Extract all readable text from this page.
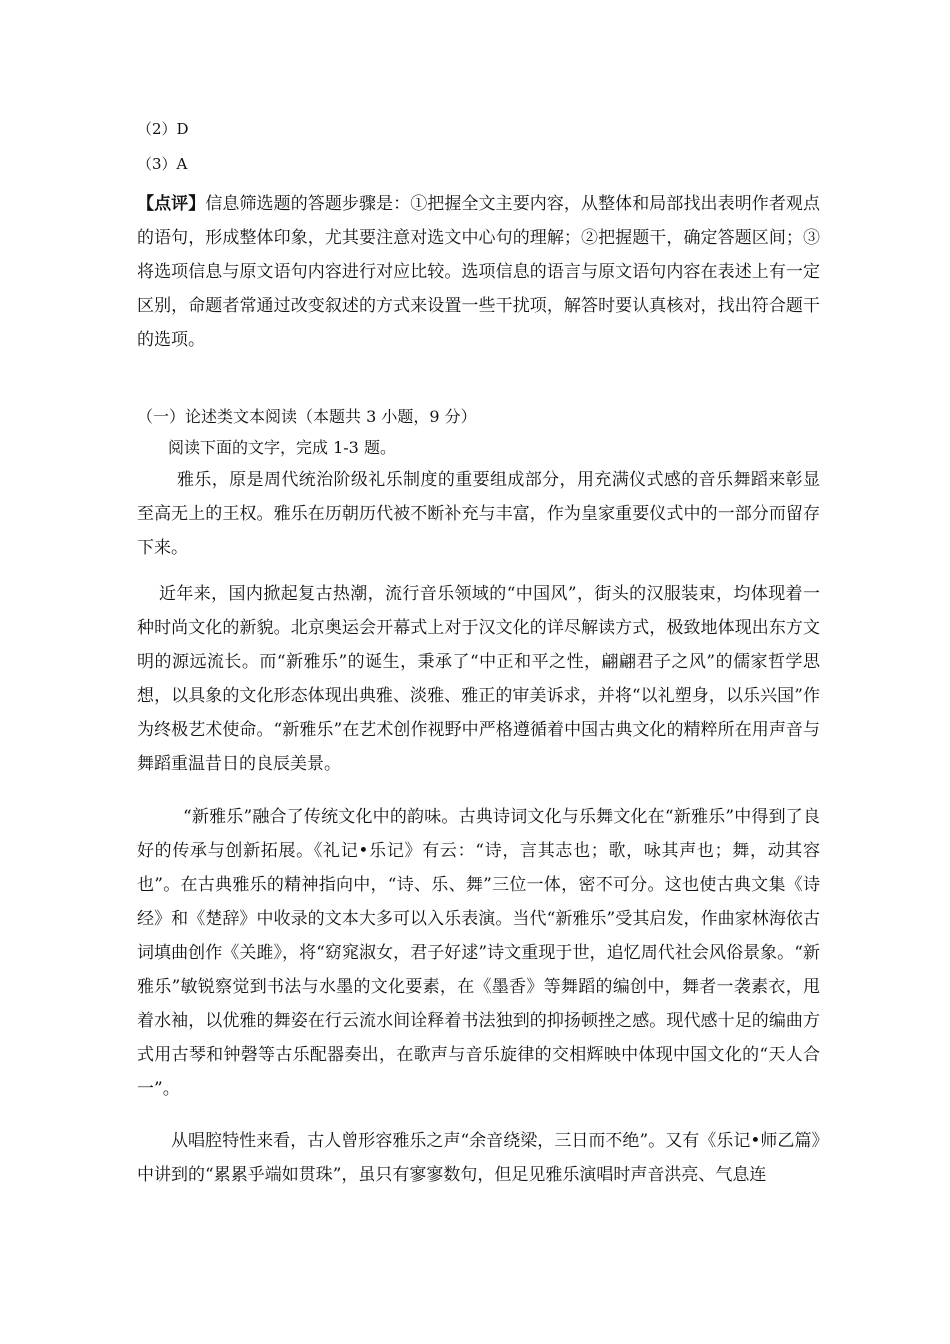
（2）D

（3）A

【点评】信息筛选题的答题步骤是：①把握全文主要内容，从整体和局部找出表明作者观点的语句，形成整体印象，尤其要注意对选文中心句的理解；②把握题干，确定答题区间；③将选项信息与原文语句内容进行对应比较。选项信息的语言与原文语句内容在表述上有一定区别，命题者常通过改变叙述的方式来设置一些干扰项，解答时要认真核对，找出符合题干的选项。

（一）论述类文本阅读（本题共 3 小题，9 分）

阅读下面的文字，完成 1-3 题。

雅乐，原是周代统治阶级礼乐制度的重要组成部分，用充满仪式感的音乐舞蹈来彰显至高无上的王权。雅乐在历朝历代被不断补充与丰富，作为皇家重要仪式中的一部分而留存下来。

近年来，国内掀起复古热潮，流行音乐领域的“中国风”，街头的汉服装束，均体现着一种时尚文化的新貌。北京奥运会开幕式上对于汉文化的详尽解读方式，极致地体现出东方文明的源远流长。而“新雅乐”的诞生，秉承了“中正和平之性，翩翩君子之风”的儒家哲学思想，以具象的文化形态体现出典雅、淡雅、雅正的审美诉求，并将“以礼塑身，以乐兴国”作为终极艺术使命。“新雅乐”在艺术创作视野中严格遵循着中国古典文化的精粹所在用声音与舞蹈重温昔日的良辰美景。

“新雅乐”融合了传统文化中的韵味。古典诗词文化与乐舞文化在“新雅乐”中得到了良好的传承与创新拓展。《礼记•乐记》有云：“诗，言其志也；歌，咏其声也；舞，动其容也”。在古典雅乐的精神指向中，“诗、乐、舞”三位一体，密不可分。这也使古典文集《诗经》和《楚辞》中收录的文本大多可以入乐表演。当代“新雅乐”受其启发，作曲家林海依古词填曲创作《关雎》，将“窈窕淑女，君子好逑”诗文重现于世，追忆周代社会风俗景象。“新雅乐”敏锐察觉到书法与水墨的文化要素，在《墨香》等舞蹈的编创中，舞者一袭素衣，甩着水袖，以优雅的舞姿在行云流水间诠释着书法独到的抑扬顿挫之感。现代感十足的编曲方式用古琴和钟磬等古乐配器奏出，在歌声与音乐旋律的交相辉映中体现中国文化的“天人合一”。

从唱腔特性来看，古人曾形容雅乐之声“余音绕梁，三日而不绝”。又有《乐记•师乙篇》中讲到的“累累乎端如贯珠”，虽只有寥寥数句，但足见雅乐演唱时声音洪亮、气息连
